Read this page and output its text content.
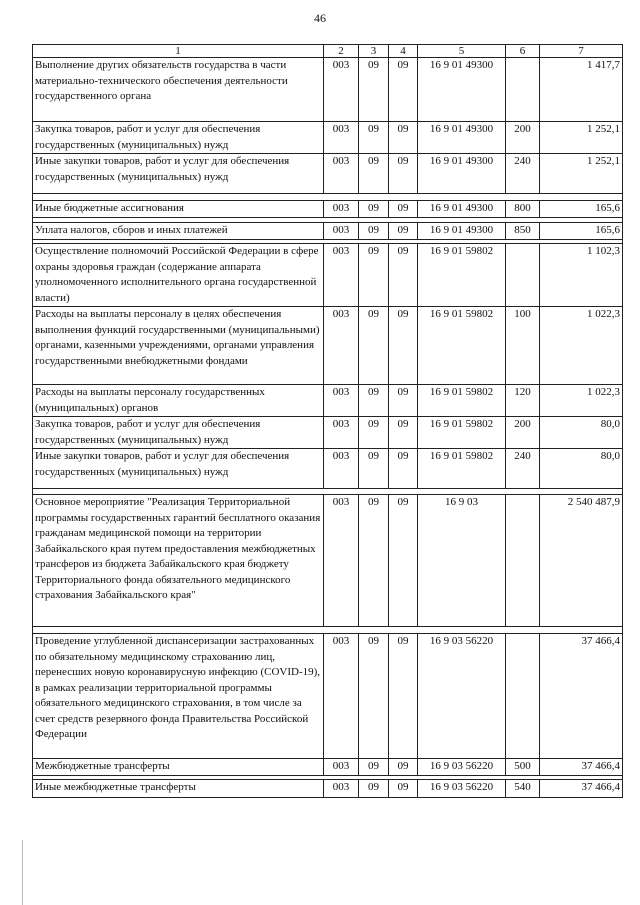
46
1	2	3	4	5	6	7
Выполнение других обязательств государства в части материально-технического обеспечения деятельности государственного органа	003	09	09	16 9 01 49300		1 417,7
Закупка товаров, работ и услуг для обеспечения государственных (муниципальных) нужд	003	09	09	16 9 01 49300	200	1 252,1
Иные закупки товаров, работ и услуг для обеспечения государственных (муниципальных) нужд	003	09	09	16 9 01 49300	240	1 252,1

Иные бюджетные ассигнования	003	09	09	16 9 01 49300	800	165,6

Уплата налогов, сборов и иных платежей	003	09	09	16 9 01 49300	850	165,6

Осуществление полномочий Российской Федерации в сфере охраны здоровья граждан (содержание аппарата уполномоченного исполнительного органа государственной власти)	003	09	09	16 9 01 59802		1 102,3
Расходы на выплаты персоналу в целях обеспечения выполнения функций государственными (муниципальными) органами, казенными учреждениями, органами управления государственными внебюджетными фондами	003	09	09	16 9 01 59802	100	1 022,3
Расходы на выплаты персоналу государственных (муниципальных) органов	003	09	09	16 9 01 59802	120	1 022,3
Закупка товаров, работ и услуг для обеспечения государственных (муниципальных) нужд	003	09	09	16 9 01 59802	200	80,0
Иные закупки товаров, работ и услуг для обеспечения государственных (муниципальных) нужд	003	09	09	16 9 01 59802	240	80,0

Основное мероприятие "Реализация Территориальной программы государственных гарантий бесплатного оказания гражданам медицинской помощи на территории Забайкальского края путем предоставления межбюджетных трансферов из бюджета Забайкальского края бюджету Территориального фонда обязательного медицинского страхования Забайкальского края"	003	09	09	16 9 03		2 540 487,9

Проведение углубленной диспансеризации застрахованных по обязательному медицинскому страхованию лиц, перенесших новую коронавирусную инфекцию (COVID-19), в рамках реализации территориальной программы обязательного медицинского страхования, в том числе за счет средств резервного фонда Правительства Российской Федерации	003	09	09	16 9 03 56220		37 466,4
Межбюджетные трансферты	003	09	09	16 9 03 56220	500	37 466,4

Иные межбюджетные трансферты	003	09	09	16 9 03 56220	540	37 466,4
